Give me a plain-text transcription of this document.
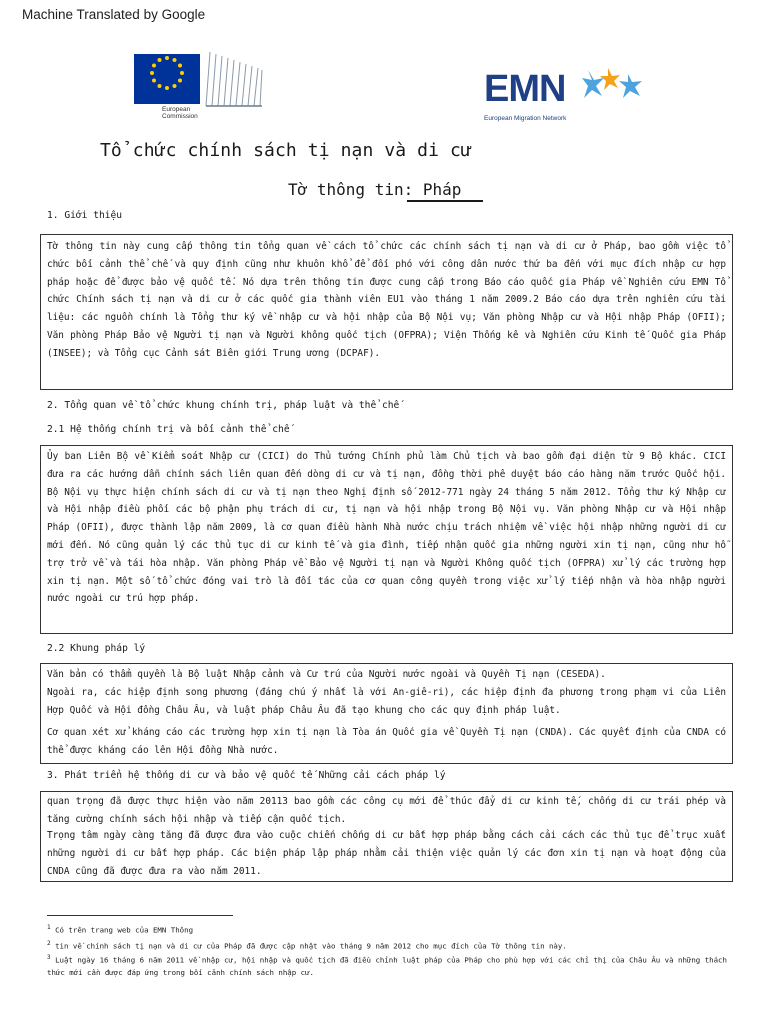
Machine Translated by Google
European
Commission
EMN
European Migration Network
Tổ chức chính sách tị nạn và di cư
Tờ thông tin: Pháp
1. Giới thiệu
Tờ thông tin này cung cấp thông tin tổng quan về cách tổ chức các chính sách tị nạn và di cư ở Pháp, bao gồm việc tổ chức bối cảnh thể chế và quy định cũng như khuôn khổ để đối phó với công dân nước thứ ba đến với mục đích nhập cư hợp pháp hoặc để được bảo vệ quốc tế. Nó dựa trên thông tin được cung cấp trong Báo cáo quốc gia Pháp về Nghiên cứu EMN Tổ chức Chính sách tị nạn và di cư ở các quốc gia thành viên EU1 vào tháng 1 năm 2009.2 Báo cáo dựa trên nghiên cứu tài liệu: các nguồn chính là Tổng thư ký về nhập cư và hội nhập của Bộ Nội vụ; Văn phòng Nhập cư và Hội nhập Pháp (OFII); Văn phòng Pháp Bảo vệ Người tị nạn và Người không quốc tịch (OFPRA); Viện Thống kê và Nghiên cứu Kinh tế Quốc gia Pháp (INSEE); và Tổng cục Cảnh sát Biên giới Trung ương (DCPAF).
2. Tổng quan về tổ chức khung chính trị, pháp luật và thể chế
2.1 Hệ thống chính trị và bối cảnh thể chế
Ủy ban Liên Bộ về Kiểm soát Nhập cư (CICI) do Thủ tướng Chính phủ làm Chủ tịch và bao gồm đại diện từ 9 Bộ khác. CICI đưa ra các hướng dẫn chính sách liên quan đến dòng di cư và tị nạn, đồng thời phê duyệt báo cáo hàng năm trước Quốc hội. Bộ Nội vụ thực hiện chính sách di cư và tị nạn theo Nghị định số 2012-771 ngày 24 tháng 5 năm 2012. Tổng thư ký Nhập cư và Hội nhập điều phối các bộ phận phụ trách di cư, tị nạn và hội nhập trong Bộ Nội vụ. Văn phòng Nhập cư và Hội nhập Pháp (OFII), được thành lập năm 2009, là cơ quan điều hành Nhà nước chịu trách nhiệm về việc hội nhập những người di cư mới đến. Nó cũng quản lý các thủ tục di cư kinh tế và gia đình, tiếp nhận quốc gia những người xin tị nạn, cũng như hỗ trợ trở về và tái hòa nhập. Văn phòng Pháp về Bảo vệ Người tị nạn và Người Không quốc tịch (OFPRA) xử lý các trường hợp xin tị nạn. Một số tổ chức đóng vai trò là đối tác của cơ quan công quyền trong việc xử lý tiếp nhận và hòa nhập người nước ngoài cư trú hợp pháp.
2.2 Khung pháp lý
Văn bản có thẩm quyền là Bộ luật Nhập cảnh và Cư trú của Người nước ngoài và Quyền Tị nạn (CESEDA).
Ngoài ra, các hiệp định song phương (đáng chú ý nhất là với An-giê-ri), các hiệp định đa phương trong phạm vi của Liên Hợp Quốc và Hội đồng Châu Âu, và luật pháp Châu Âu đã tạo khung cho các quy định pháp luật.
Cơ quan xét xử kháng cáo các trường hợp xin tị nạn là Tòa án Quốc gia về Quyền Tị nạn (CNDA). Các quyết định của CNDA có thể được kháng cáo lên Hội đồng Nhà nước.
3. Phát triển hệ thống di cư và bảo vệ quốc tế Những cải cách pháp lý
quan trọng đã được thực hiện vào năm 20113 bao gồm các công cụ mới để thúc đẩy di cư kinh tế, chống di cư trái phép và tăng cường chính sách hội nhập và tiếp cận quốc tịch.
Trọng tâm ngày càng tăng đã được đưa vào cuộc chiến chống di cư bất hợp pháp bằng cách cải cách các thủ tục để trục xuất những người di cư bất hợp pháp. Các biện pháp lập pháp nhằm cải thiện việc quản lý các đơn xin tị nạn và hoạt động của CNDA cũng đã được đưa ra vào năm 2011.
$^1$ Có trên trang web của EMN Thông
$^2$ tin về chính sách tị nạn và di cư của Pháp đã được cập nhật vào tháng 9 năm 2012 cho mục đích của Tờ thông tin này.
$^3$ Luật ngày 16 tháng 6 năm 2011 về nhập cư, hội nhập và quốc tịch đã điều chỉnh luật pháp của Pháp cho phù hợp với các chỉ thị của Châu Âu và những thách thức mới cần được đáp ứng trong bối cảnh chính sách nhập cư.
